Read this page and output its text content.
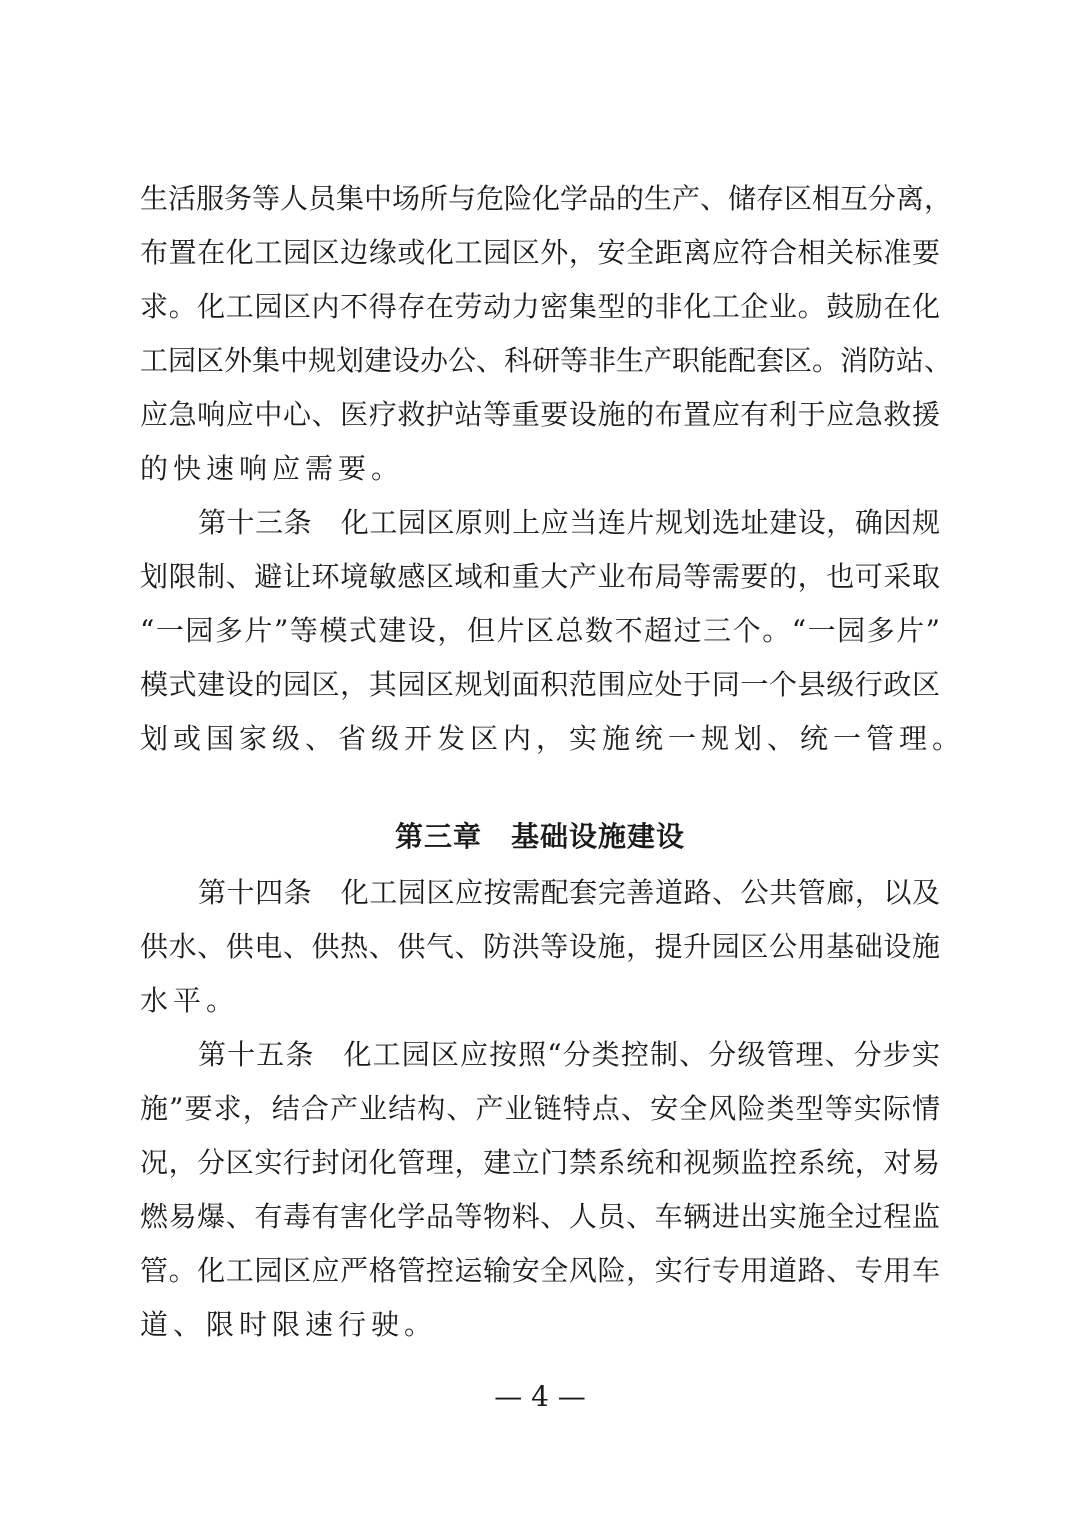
生活服务等人员集中场所与危险化学品的生产、储存区相互分离，
布置在化工园区边缘或化工园区外，安全距离应符合相关标准要
求。化工园区内不得存在劳动力密集型的非化工企业。鼓励在化
工园区外集中规划建设办公、科研等非生产职能配套区。消防站、
应急响应中心、医疗救护站等重要设施的布置应有利于应急救援
的快速响应需要。
第十三条　化工园区原则上应当连片规划选址建设，确因规
划限制、避让环境敏感区域和重大产业布局等需要的，也可采取
“一园多片”等模式建设，但片区总数不超过三个。“一园多片”
模式建设的园区，其园区规划面积范围应处于同一个县级行政区
划或国家级、省级开发区内，实施统一规划、统一管理。
第三章　基础设施建设
第十四条　化工园区应按需配套完善道路、公共管廊，以及
供水、供电、供热、供气、防洪等设施，提升园区公用基础设施
水平。
第十五条　化工园区应按照“分类控制、分级管理、分步实
施”要求，结合产业结构、产业链特点、安全风险类型等实际情
况，分区实行封闭化管理，建立门禁系统和视频监控系统，对易
燃易爆、有毒有害化学品等物料、人员、车辆进出实施全过程监
管。化工园区应严格管控运输安全风险，实行专用道路、专用车
道、限时限速行驶。
— 4 —
